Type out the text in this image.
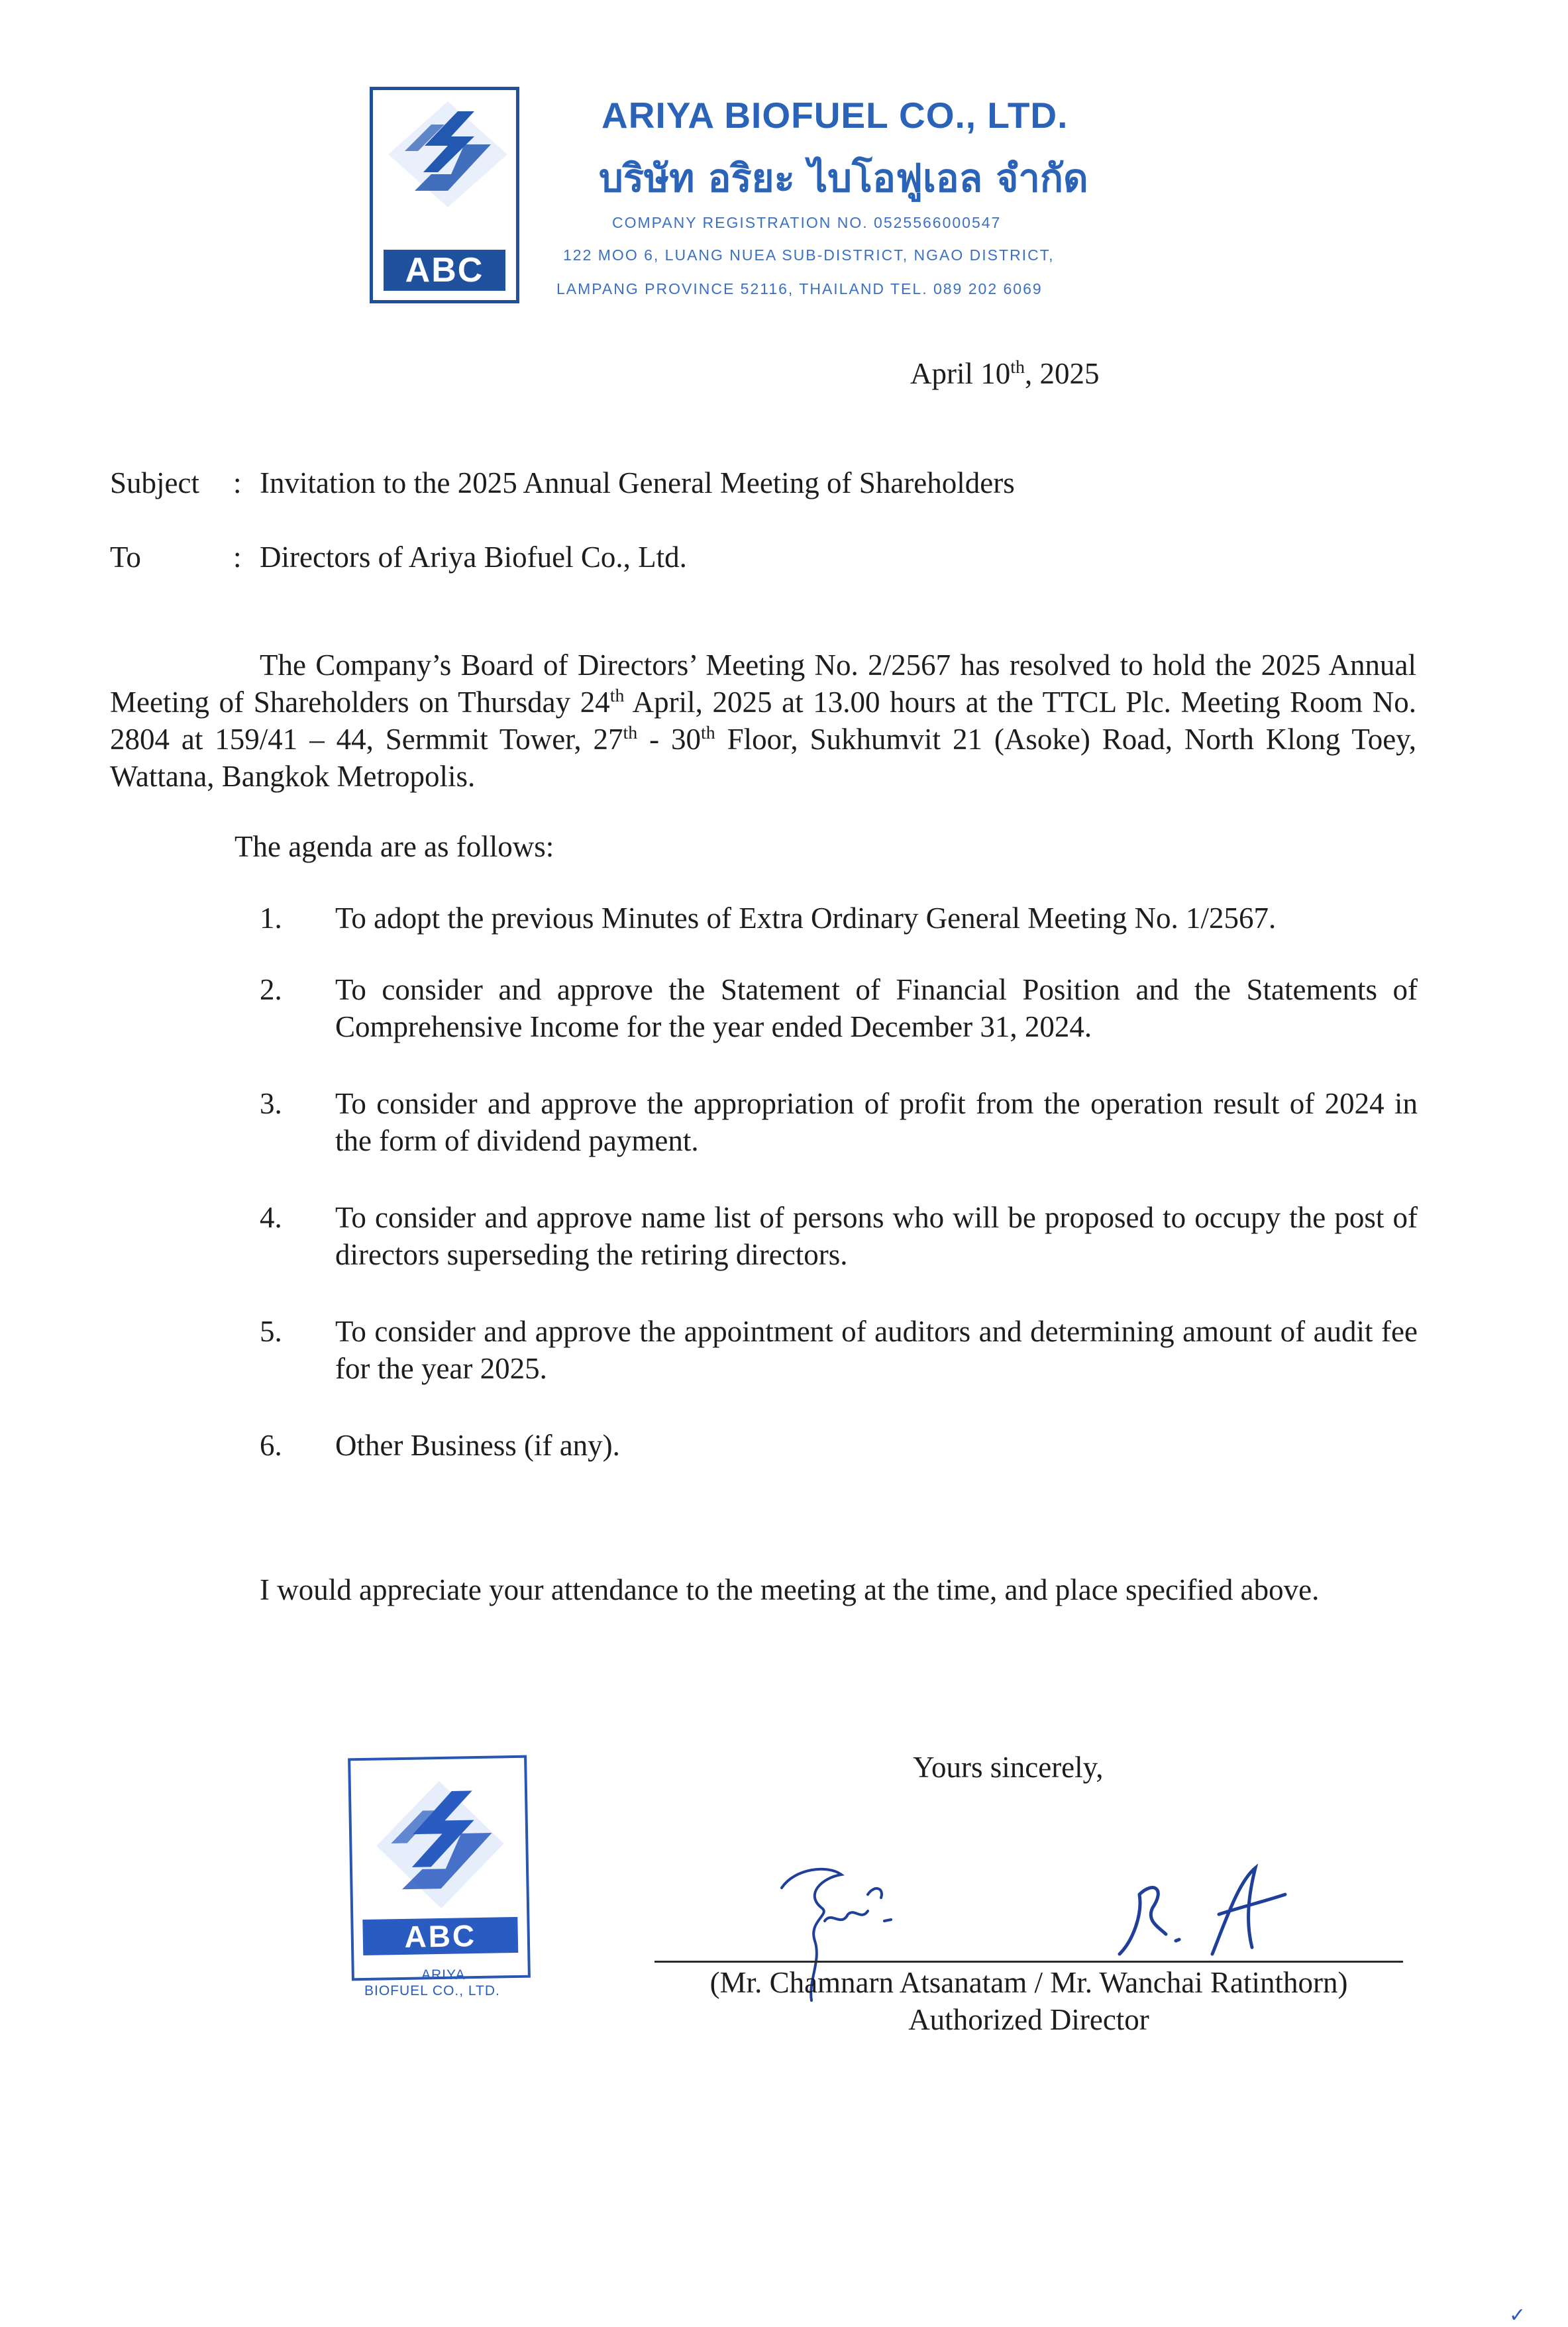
ABC
ARIYA BIOFUEL CO., LTD.
บริษัท อริยะ ไบโอฟูเอล จำกัด
COMPANY REGISTRATION NO. 0525566000547
122 MOO 6, LUANG NUEA SUB-DISTRICT, NGAO DISTRICT,
LAMPANG PROVINCE 52116, THAILAND TEL. 089 202 6069
April 10th, 2025
Subject : Invitation to the 2025 Annual General Meeting of Shareholders
To	: Directors of Ariya Biofuel Co., Ltd.
The Company’s Board of Directors’ Meeting No. 2/2567 has resolved to hold the 2025 Annual Meeting of Shareholders on Thursday 24th April, 2025 at 13.00 hours at the TTCL Plc. Meeting Room No. 2804 at 159/41 – 44, Sermmit Tower, 27th - 30th Floor, Sukhumvit 21 (Asoke) Road, North Klong Toey, Wattana, Bangkok Metropolis.
The agenda are as follows:
1.	To adopt the previous Minutes of Extra Ordinary General Meeting No. 1/2567.
2.	To consider and approve the Statement of Financial Position and the Statements of Comprehensive Income for the year ended December 31, 2024.
3.	To consider and approve the appropriation of profit from the operation result of 2024 in the form of dividend payment.
4.	To consider and approve name list of persons who will be proposed to occupy the post of directors superseding the retiring directors.
5.	To consider and approve the appointment of auditors and determining amount of audit fee for the year 2025.
6.	Other Business (if any).
I would appreciate your attendance to the meeting at the time, and place specified above.
Yours sincerely,
(Mr. Chamnarn Atsanatam / Mr. Wanchai Ratinthorn)
Authorized Director
ABC
ARIYA
BIOFUEL CO., LTD.
✓
